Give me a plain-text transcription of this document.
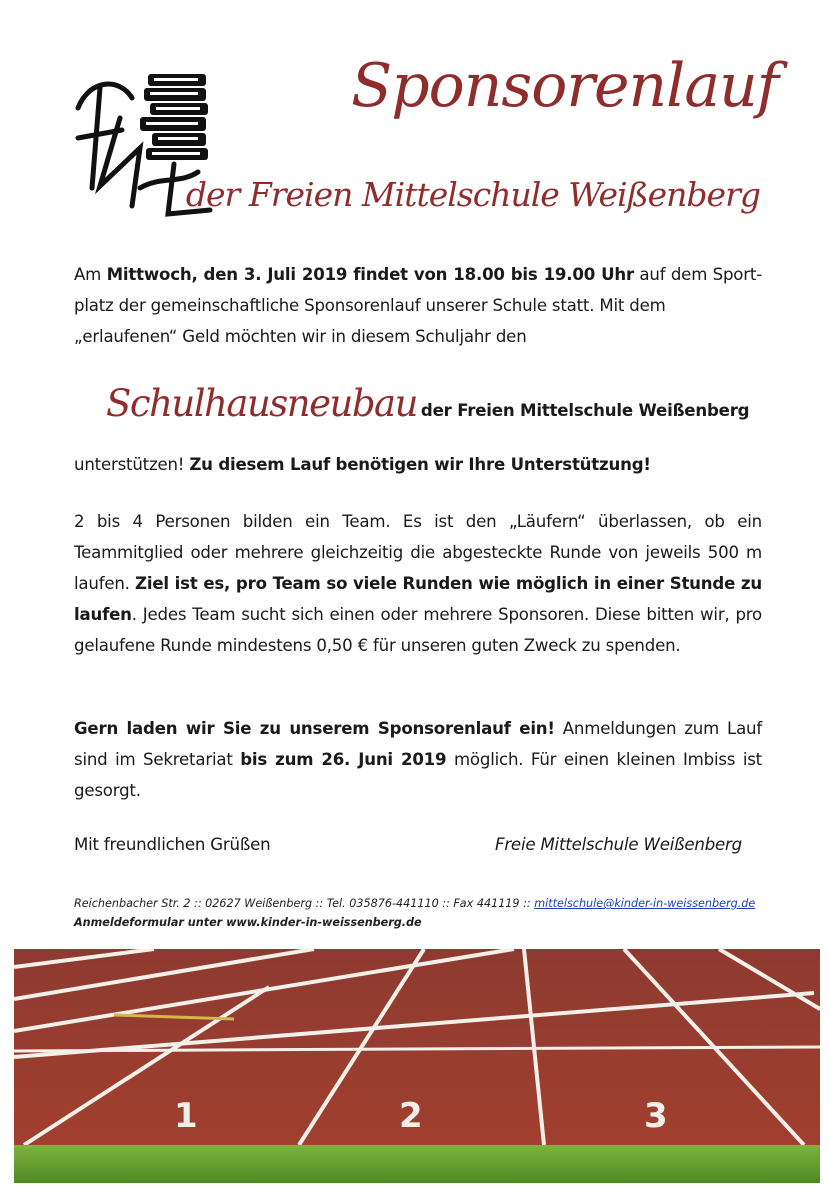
Sponsorenlauf
der Freien Mittelschule Weißenberg
Am Mittwoch, den 3. Juli 2019 findet von 18.00 bis 19.00 Uhr auf dem Sport-platz der gemeinschaftliche Sponsorenlauf unserer Schule statt. Mit dem
„erlaufenen“ Geld möchten wir in diesem Schuljahr den
Schulhausneubau der Freien Mittelschule Weißenberg
unterstützen! Zu diesem Lauf benötigen wir Ihre Unterstützung!
2 bis 4 Personen bilden ein Team. Es ist den „Läufern“ überlassen, ob ein Teammitglied oder mehrere gleichzeitig die abgesteckte Runde von jeweils 500 m laufen. Ziel ist es, pro Team so viele Runden wie möglich in einer Stunde zu laufen. Jedes Team sucht sich einen oder mehrere Sponsoren. Diese bitten wir, pro gelaufene Runde mindestens 0,50 € für unseren guten Zweck zu spenden.
Gern laden wir Sie zu unserem Sponsorenlauf ein! Anmeldungen zum Lauf sind im Sekretariat bis zum 26. Juni 2019 möglich. Für einen kleinen Imbiss ist gesorgt.
Mit freundlichen Grüßen	Freie Mittelschule Weißenberg
Reichenbacher Str. 2 :: 02627 Weißenberg :: Tel. 035876-441110 :: Fax 441119 :: mittelschule@kinder-in-weissenberg.de
Anmeldeformular unter www.kinder-in-weissenberg.de
1	2	3
